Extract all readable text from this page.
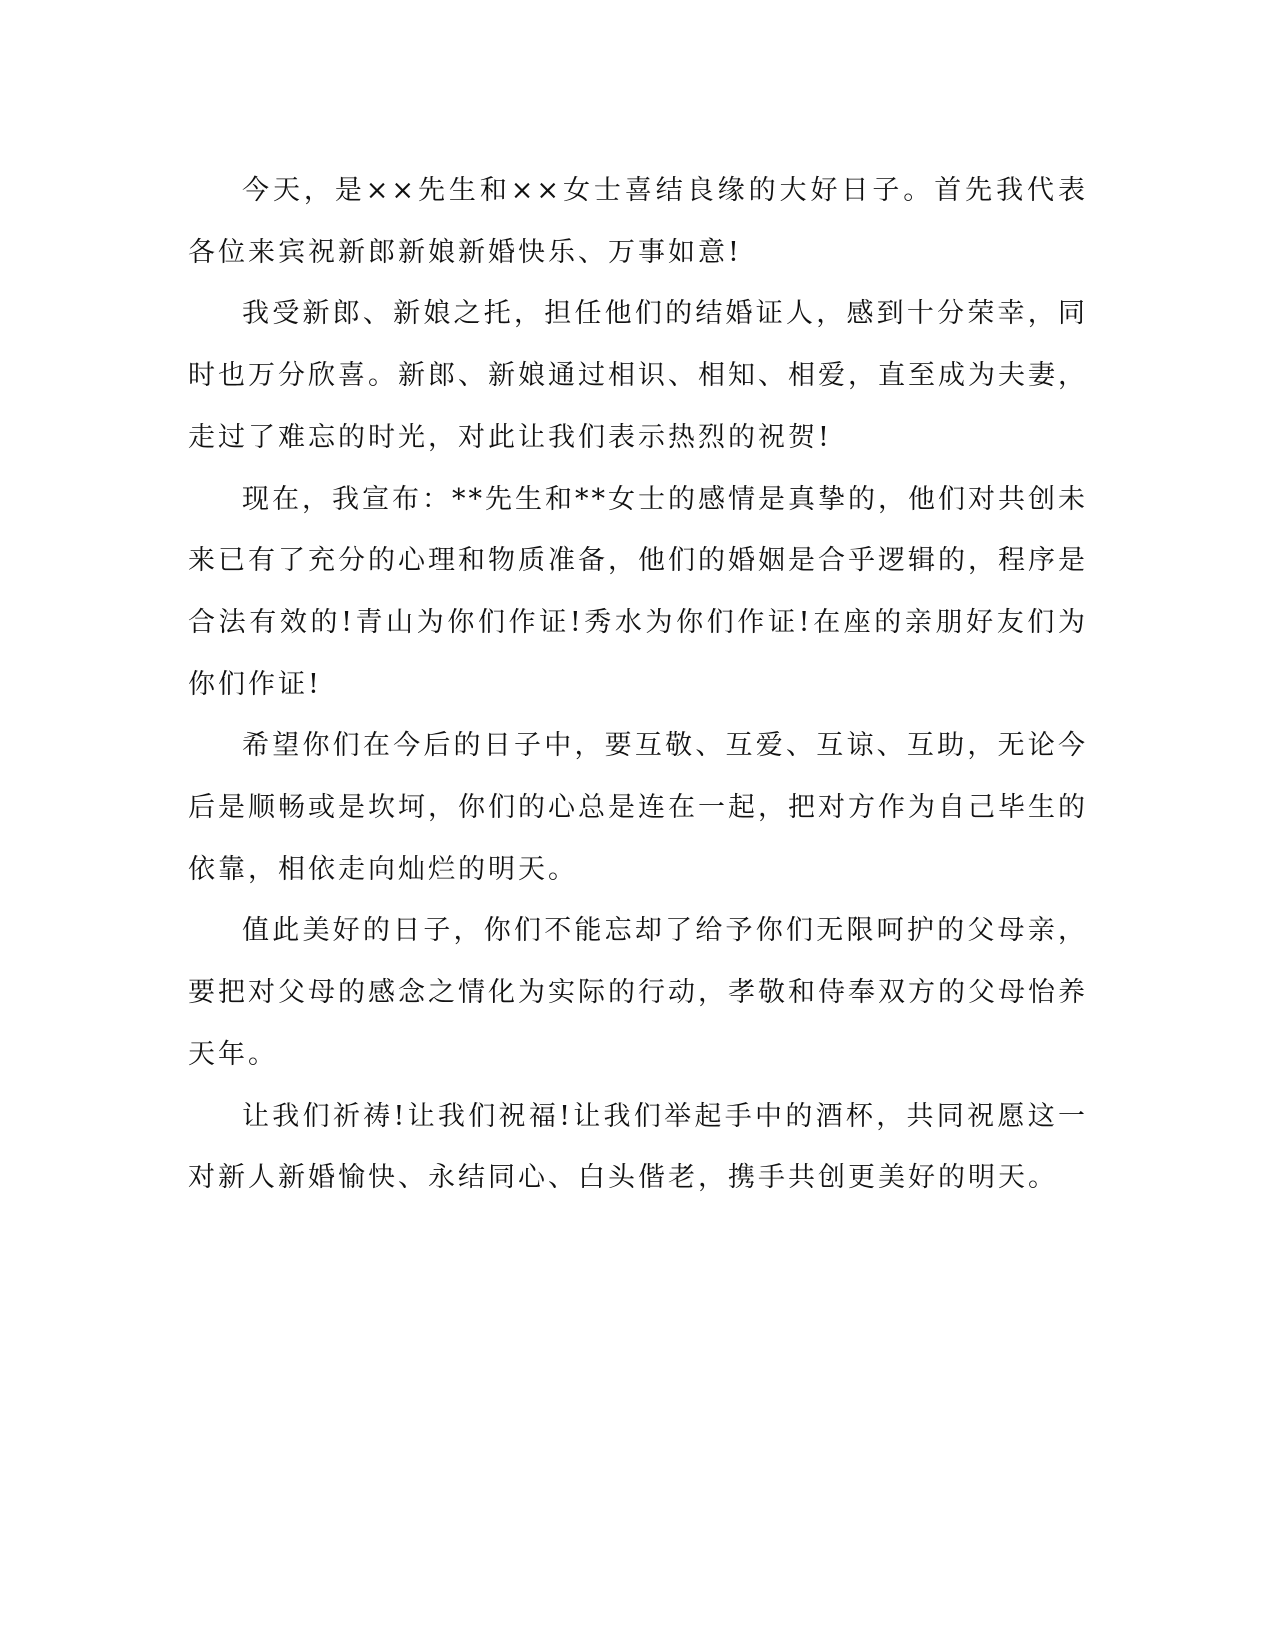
今天，是××先生和××女士喜结良缘的大好日子。首先我代表各位来宾祝新郎新娘新婚快乐、万事如意!

我受新郎、新娘之托，担任他们的结婚证人，感到十分荣幸，同时也万分欣喜。新郎、新娘通过相识、相知、相爱，直至成为夫妻，走过了难忘的时光，对此让我们表示热烈的祝贺!

现在，我宣布：**先生和**女士的感情是真挚的，他们对共创未来已有了充分的心理和物质准备，他们的婚姻是合乎逻辑的，程序是合法有效的!青山为你们作证!秀水为你们作证!在座的亲朋好友们为你们作证!

希望你们在今后的日子中，要互敬、互爱、互谅、互助，无论今后是顺畅或是坎坷，你们的心总是连在一起，把对方作为自己毕生的依靠，相依走向灿烂的明天。

值此美好的日子，你们不能忘却了给予你们无限呵护的父母亲，要把对父母的感念之情化为实际的行动，孝敬和侍奉双方的父母怡养天年。

让我们祈祷!让我们祝福!让我们举起手中的酒杯，共同祝愿这一对新人新婚愉快、永结同心、白头偕老，携手共创更美好的明天。
